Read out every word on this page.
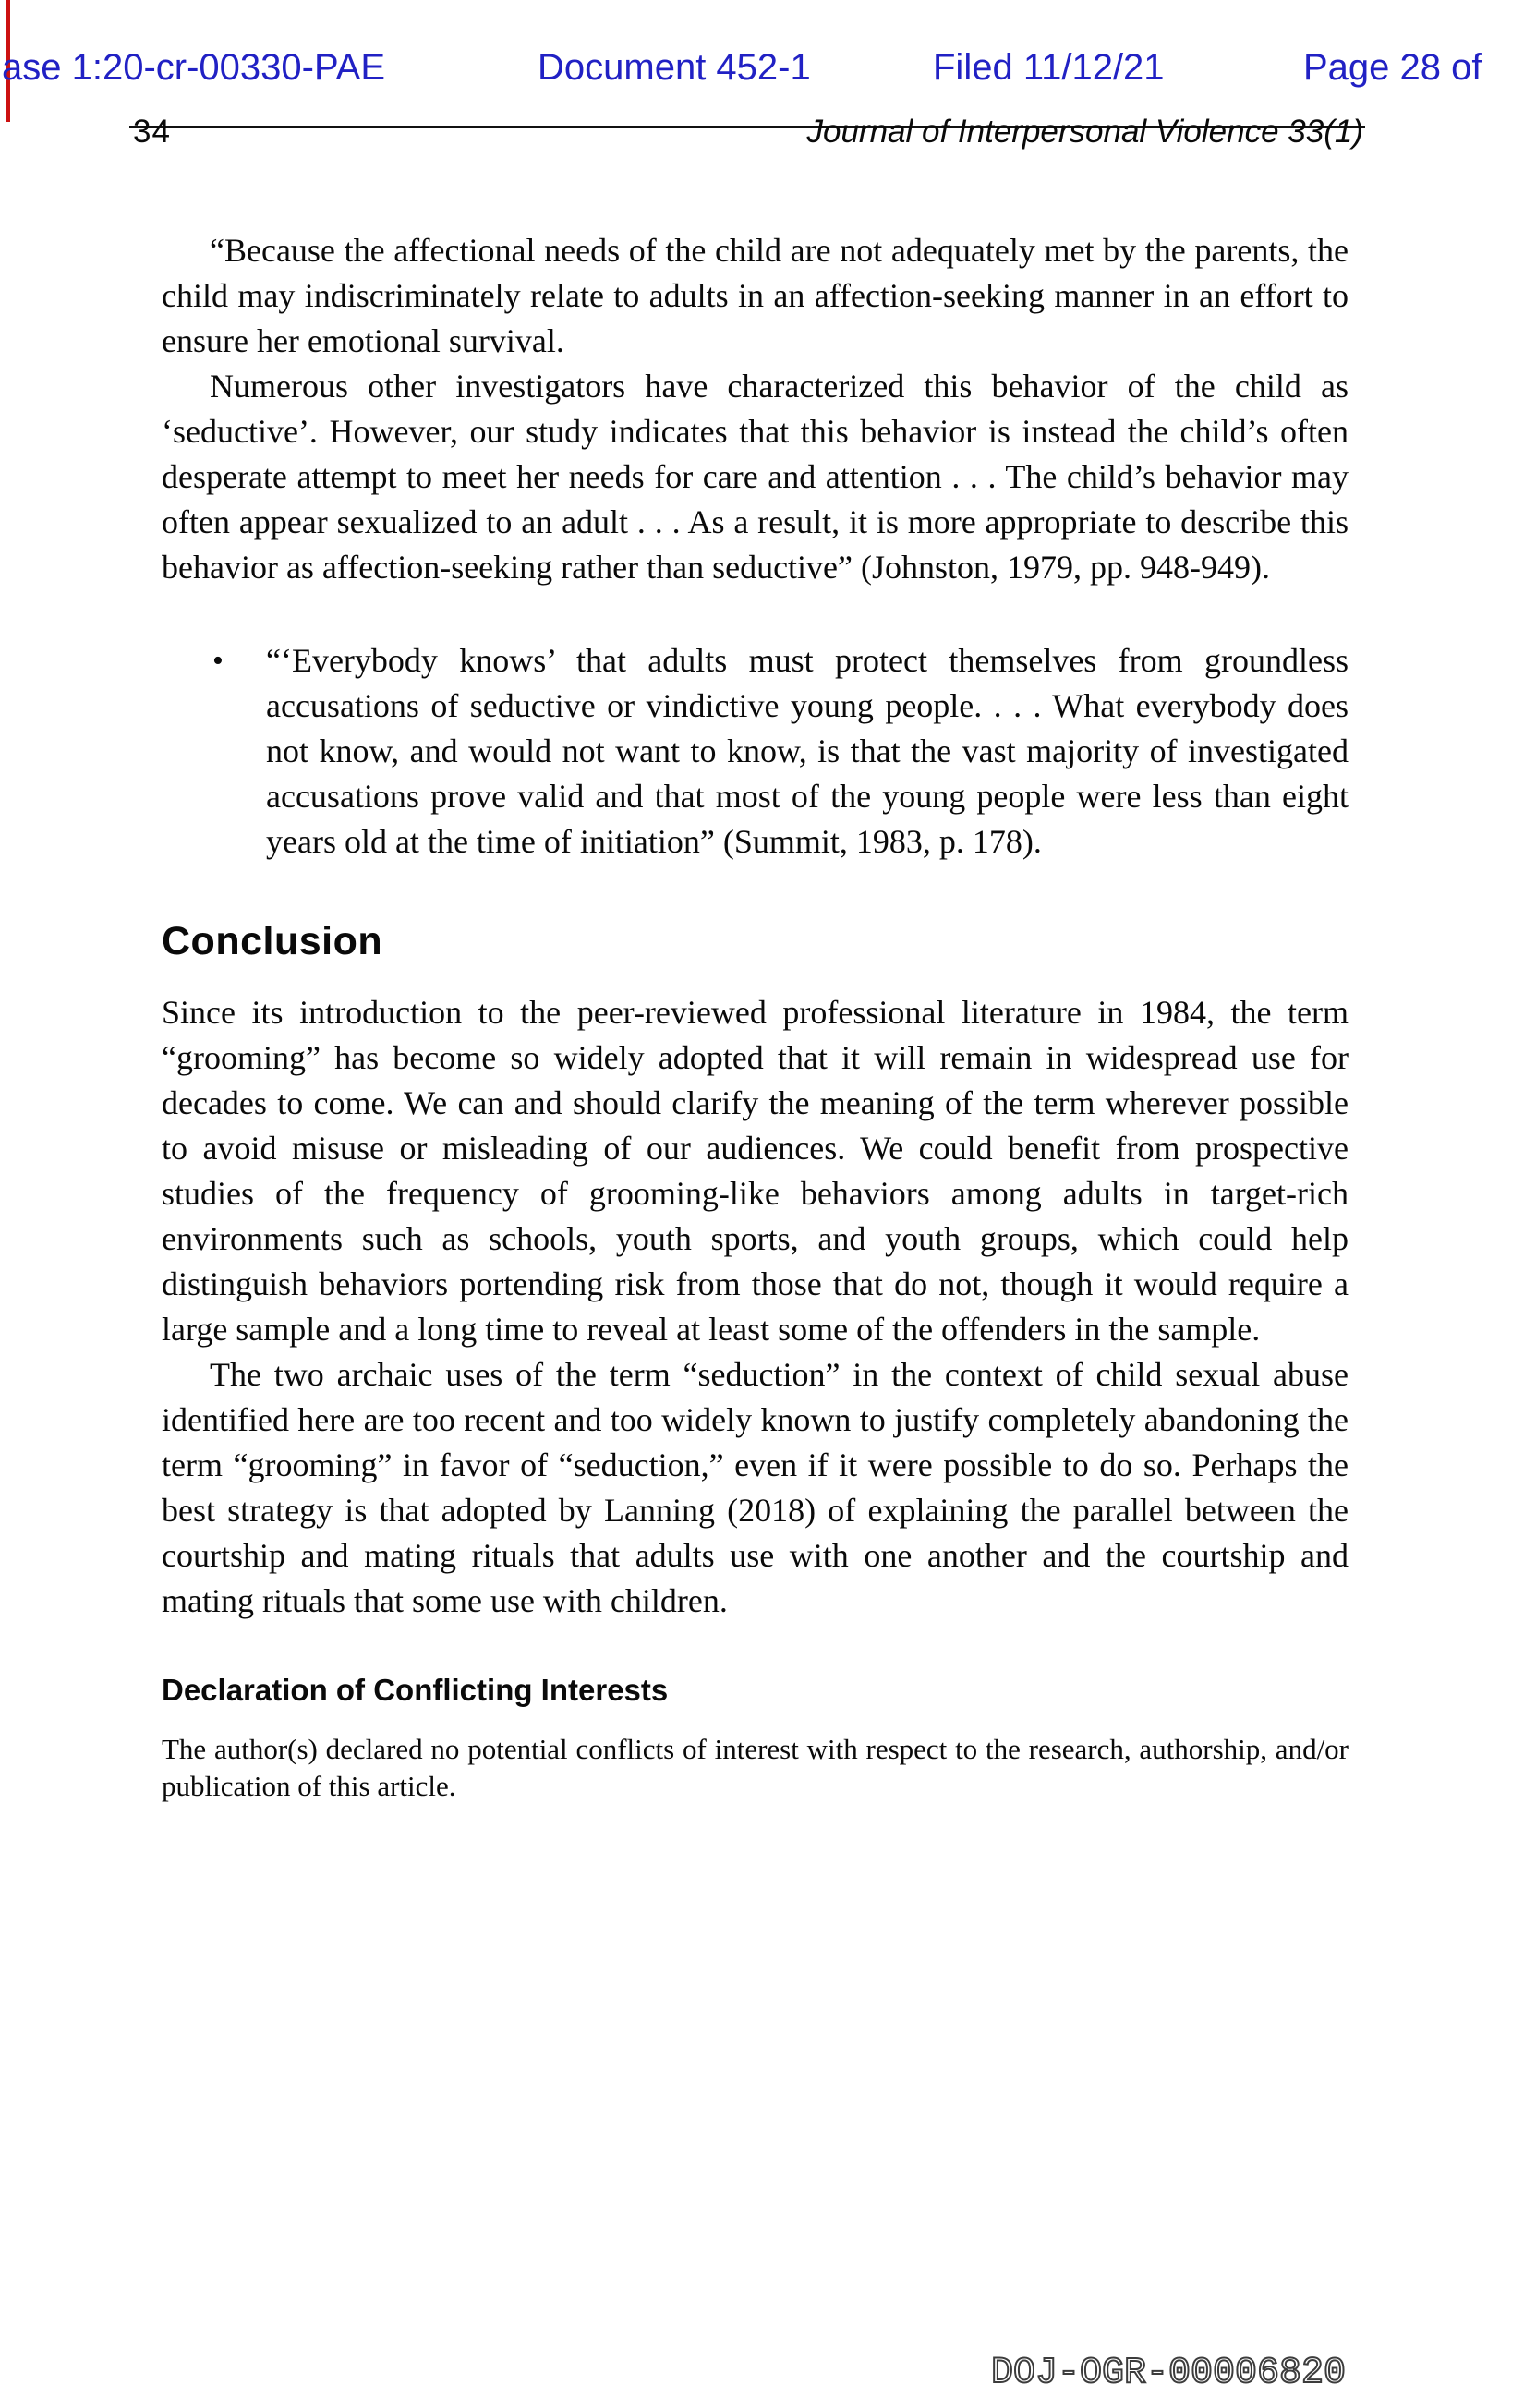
ase 1:20-cr-00330-PAE	Document 452-1	Filed 11/12/21	Page 28 of
34	Journal of Interpersonal Violence 33(1)

“Because the affectional needs of the child are not adequately met by the parents, the child may indiscriminately relate to adults in an affection-seeking manner in an effort to ensure her emotional survival.

Numerous other investigators have characterized this behavior of the child as ‘seductive’. However, our study indicates that this behavior is instead the child’s often desperate attempt to meet her needs for care and attention . . . The child’s behavior may often appear sexualized to an adult . . . As a result, it is more appropriate to describe this behavior as affection-seeking rather than seductive” (Johnston, 1979, pp. 948-949).

•	“‘Everybody knows’ that adults must protect themselves from groundless accusations of seductive or vindictive young people. . . . What everybody does not know, and would not want to know, is that the vast majority of investigated accusations prove valid and that most of the young people were less than eight years old at the time of initiation” (Summit, 1983, p. 178).
Conclusion

Since its introduction to the peer-reviewed professional literature in 1984, the term “grooming” has become so widely adopted that it will remain in widespread use for decades to come. We can and should clarify the meaning of the term wherever possible to avoid misuse or misleading of our audiences. We could benefit from prospective studies of the frequency of grooming-like behaviors among adults in target-rich environments such as schools, youth sports, and youth groups, which could help distinguish behaviors portending risk from those that do not, though it would require a large sample and a long time to reveal at least some of the offenders in the sample.

The two archaic uses of the term “seduction” in the context of child sexual abuse identified here are too recent and too widely known to justify completely abandoning the term “grooming” in favor of “seduction,” even if it were possible to do so. Perhaps the best strategy is that adopted by Lanning (2018) of explaining the parallel between the courtship and mating rituals that adults use with one another and the courtship and mating rituals that some use with children.

Declaration of Conflicting Interests

The author(s) declared no potential conflicts of interest with respect to the research, authorship, and/or publication of this article.

DOJ-OGR-00006820
